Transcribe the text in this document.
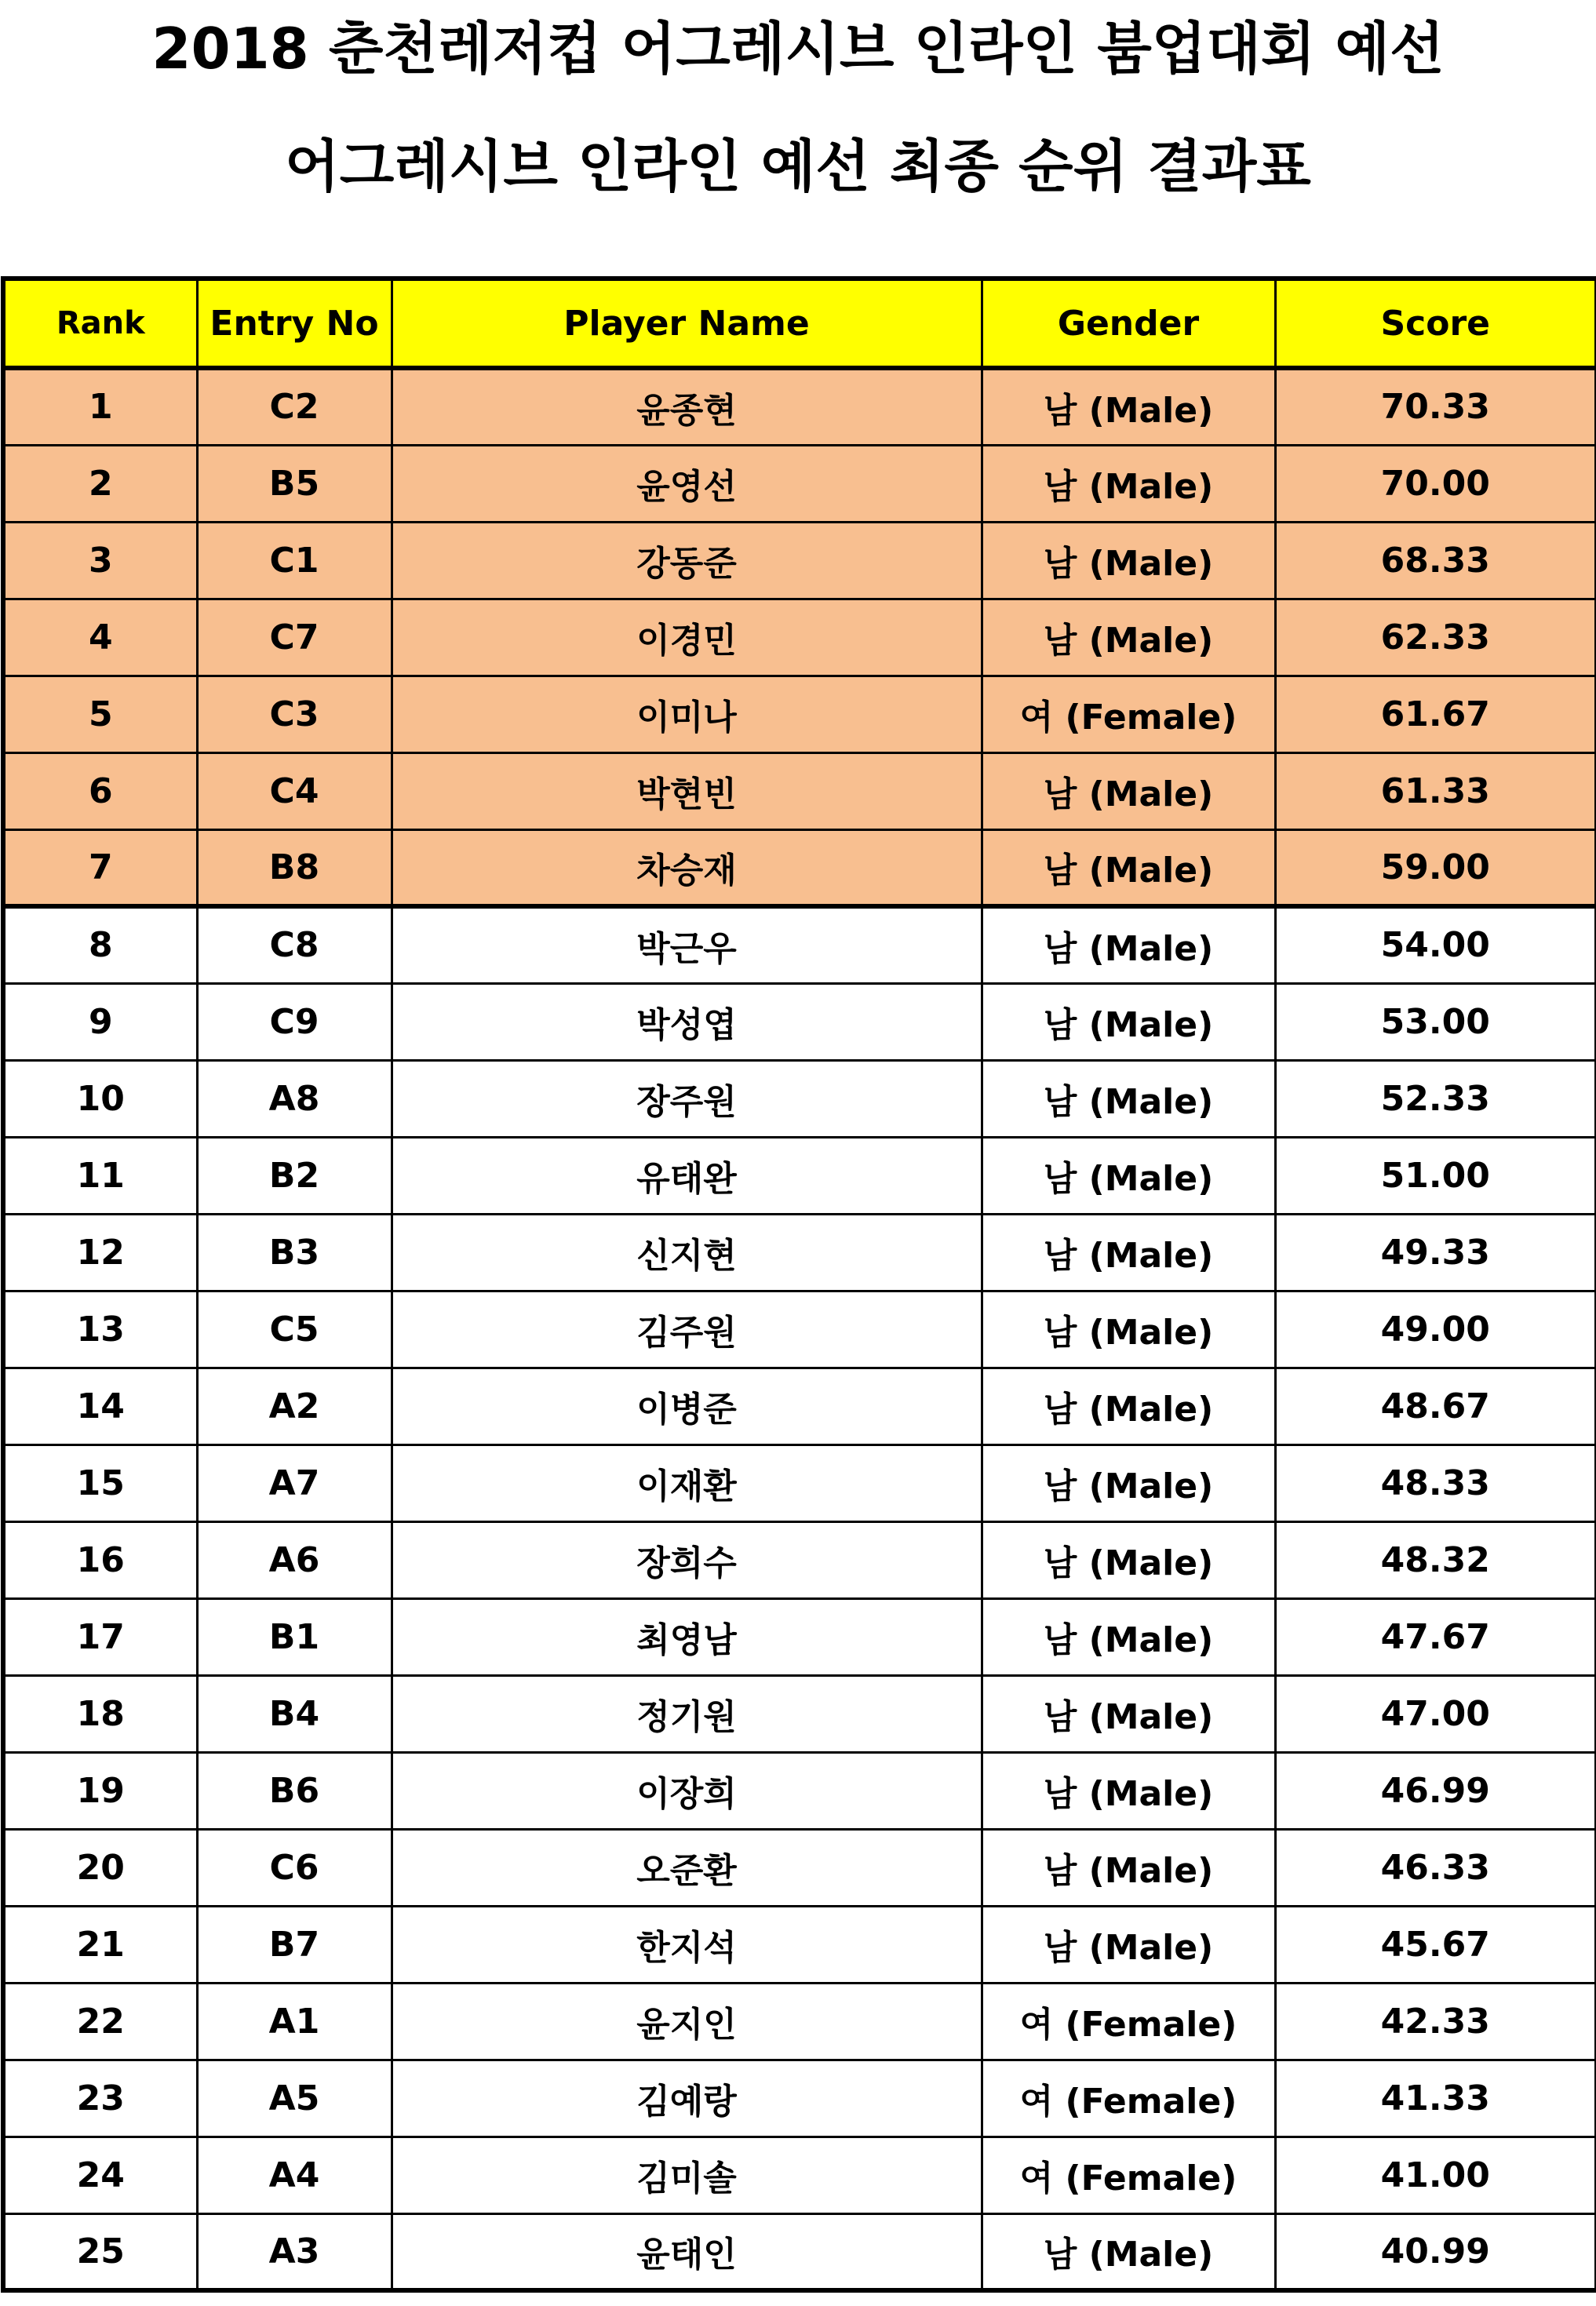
2018 춘천레저컵 어그레시브 인라인 붐업대회 예선
어그레시브 인라인 예선 최종 순위 결과표
Rank	Entry No	Player Name	Gender	Score
1	C2	윤종현	남 (Male)	70.33
2	B5	윤영선	남 (Male)	70.00
3	C1	강동준	남 (Male)	68.33
4	C7	이경민	남 (Male)	62.33
5	C3	이미나	여 (Female)	61.67
6	C4	박현빈	남 (Male)	61.33
7	B8	차승재	남 (Male)	59.00
8	C8	박근우	남 (Male)	54.00
9	C9	박성엽	남 (Male)	53.00
10	A8	장주원	남 (Male)	52.33
11	B2	유태완	남 (Male)	51.00
12	B3	신지현	남 (Male)	49.33
13	C5	김주원	남 (Male)	49.00
14	A2	이병준	남 (Male)	48.67
15	A7	이재환	남 (Male)	48.33
16	A6	장희수	남 (Male)	48.32
17	B1	최영남	남 (Male)	47.67
18	B4	정기원	남 (Male)	47.00
19	B6	이장희	남 (Male)	46.99
20	C6	오준환	남 (Male)	46.33
21	B7	한지석	남 (Male)	45.67
22	A1	윤지인	여 (Female)	42.33
23	A5	김예랑	여 (Female)	41.33
24	A4	김미솔	여 (Female)	41.00
25	A3	윤태인	남 (Male)	40.99
